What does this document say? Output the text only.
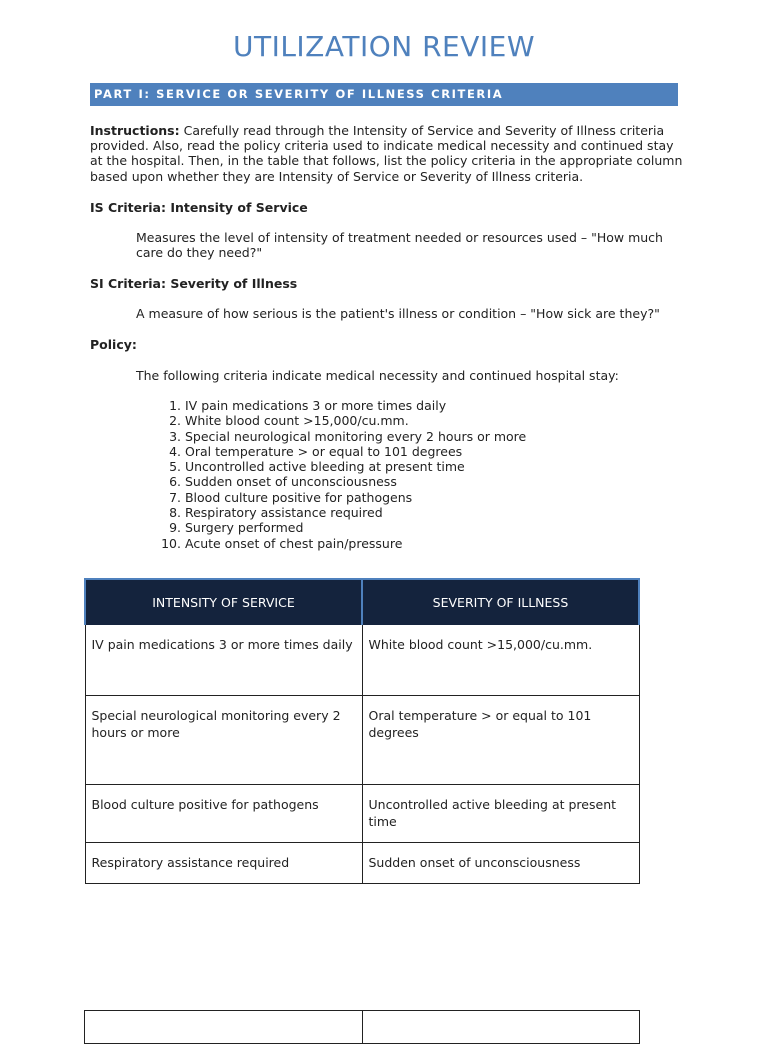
UTILIZATION REVIEW
PART I: SERVICE OR SEVERITY OF ILLNESS CRITERIA
Instructions: Carefully read through the Intensity of Service and Severity of Illness criteria provided. Also, read the policy criteria used to indicate medical necessity and continued stay at the hospital. Then, in the table that follows, list the policy criteria in the appropriate column based upon whether they are Intensity of Service or Severity of Illness criteria.
IS Criteria: Intensity of Service
Measures the level of intensity of treatment needed or resources used – "How much care do they need?"
SI Criteria: Severity of Illness
A measure of how serious is the patient's illness or condition – "How sick are they?"
Policy:
The following criteria indicate medical necessity and continued hospital stay:
1.
IV pain medications 3 or more times daily
2.
White blood count >15,000/cu.mm.
3.
Special neurological monitoring every 2 hours or more
4.
Oral temperature > or equal to 101 degrees
5.
Uncontrolled active bleeding at present time
6.
Sudden onset of unconsciousness
7.
Blood culture positive for pathogens
8.
Respiratory assistance required
9.
Surgery performed
10.
Acute onset of chest pain/pressure
INTENSITY OF SERVICE	SEVERITY OF ILLNESS
IV pain medications 3 or more times daily	White blood count >15,000/cu.mm.
Special neurological monitoring every 2 hours or more	Oral temperature > or equal to 101 degrees
Blood culture positive for pathogens	Uncontrolled active bleeding at present time
Respiratory assistance required	Sudden onset of unconsciousness
